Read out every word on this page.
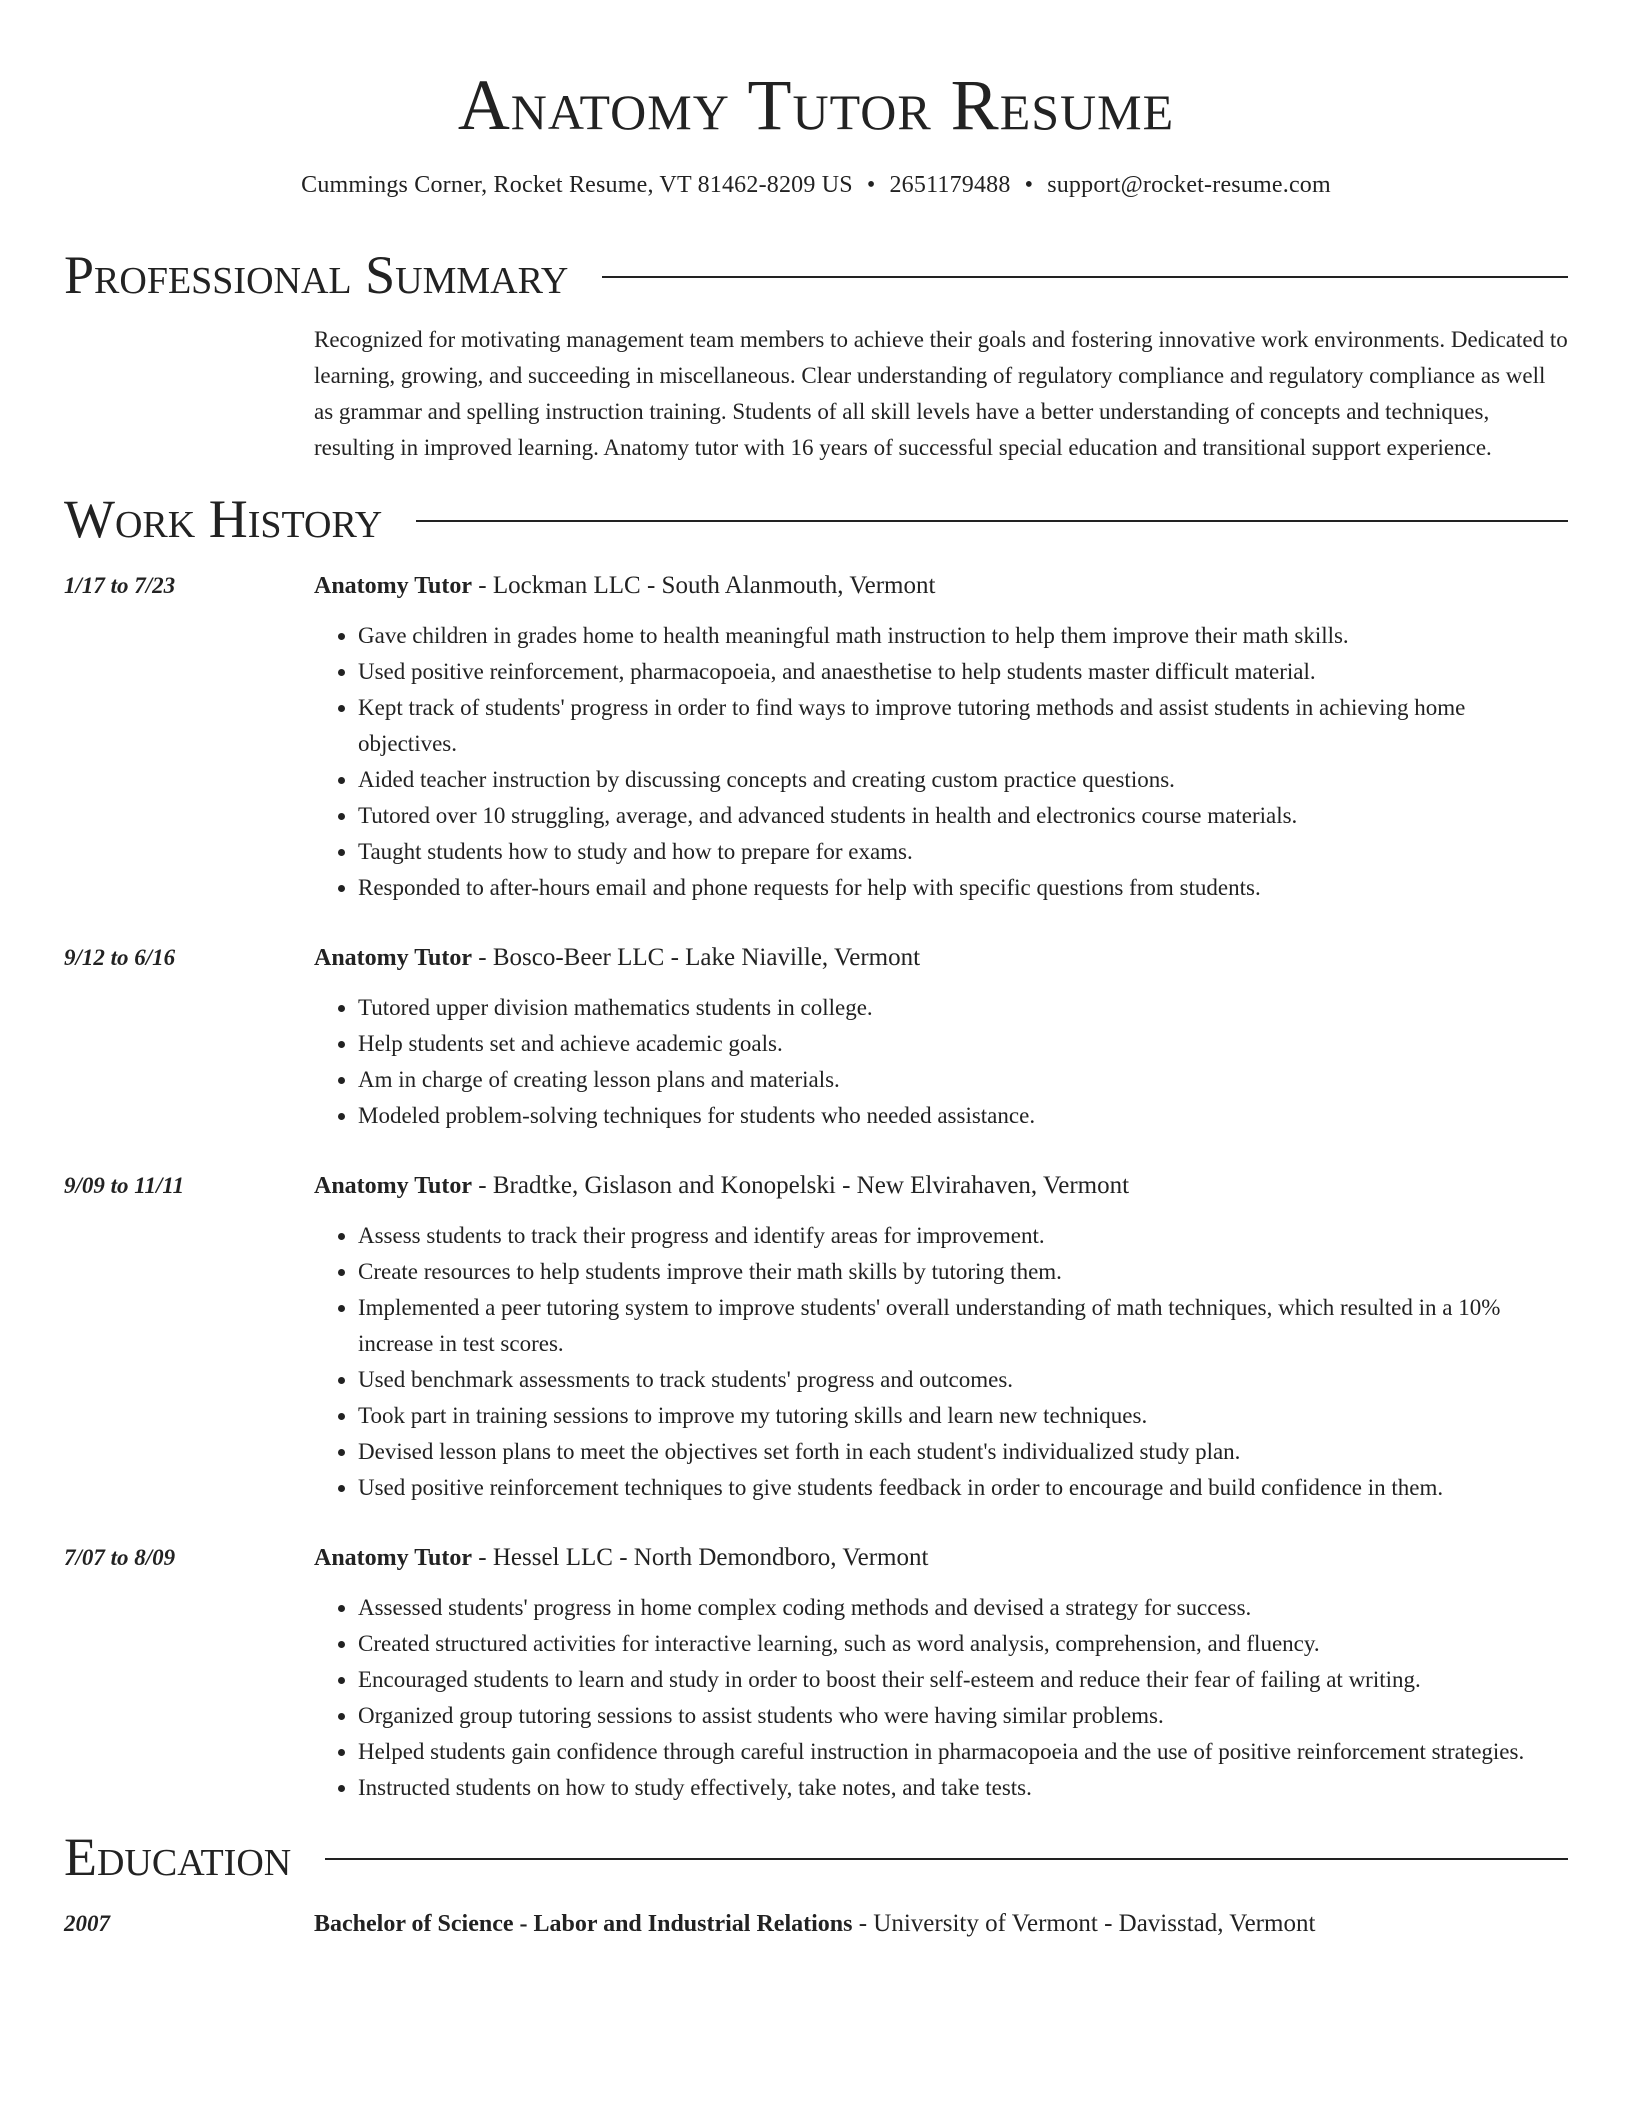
Anatomy Tutor Resume
Cummings Corner, Rocket Resume, VT 81462-8209 US • 2651179488 • support@rocket-resume.com
Professional Summary
Recognized for motivating management team members to achieve their goals and fostering innovative work environments. Dedicated to learning, growing, and succeeding in miscellaneous. Clear understanding of regulatory compliance and regulatory compliance as well as grammar and spelling instruction training. Students of all skill levels have a better understanding of concepts and techniques, resulting in improved learning. Anatomy tutor with 16 years of successful special education and transitional support experience.
Work History
1/17 to 7/23	Anatomy Tutor - Lockman LLC - South Alanmouth, Vermont
• Gave children in grades home to health meaningful math instruction to help them improve their math skills.
• Used positive reinforcement, pharmacopoeia, and anaesthetise to help students master difficult material.
• Kept track of students' progress in order to find ways to improve tutoring methods and assist students in achieving home objectives.
• Aided teacher instruction by discussing concepts and creating custom practice questions.
• Tutored over 10 struggling, average, and advanced students in health and electronics course materials.
• Taught students how to study and how to prepare for exams.
• Responded to after-hours email and phone requests for help with specific questions from students.
9/12 to 6/16	Anatomy Tutor - Bosco-Beer LLC - Lake Niaville, Vermont
• Tutored upper division mathematics students in college.
• Help students set and achieve academic goals.
• Am in charge of creating lesson plans and materials.
• Modeled problem-solving techniques for students who needed assistance.
9/09 to 11/11	Anatomy Tutor - Bradtke, Gislason and Konopelski - New Elvirahaven, Vermont
• Assess students to track their progress and identify areas for improvement.
• Create resources to help students improve their math skills by tutoring them.
• Implemented a peer tutoring system to improve students' overall understanding of math techniques, which resulted in a 10% increase in test scores.
• Used benchmark assessments to track students' progress and outcomes.
• Took part in training sessions to improve my tutoring skills and learn new techniques.
• Devised lesson plans to meet the objectives set forth in each student's individualized study plan.
• Used positive reinforcement techniques to give students feedback in order to encourage and build confidence in them.
7/07 to 8/09	Anatomy Tutor - Hessel LLC - North Demondboro, Vermont
• Assessed students' progress in home complex coding methods and devised a strategy for success.
• Created structured activities for interactive learning, such as word analysis, comprehension, and fluency.
• Encouraged students to learn and study in order to boost their self-esteem and reduce their fear of failing at writing.
• Organized group tutoring sessions to assist students who were having similar problems.
• Helped students gain confidence through careful instruction in pharmacopoeia and the use of positive reinforcement strategies.
• Instructed students on how to study effectively, take notes, and take tests.
Education
2007	Bachelor of Science - Labor and Industrial Relations - University of Vermont - Davisstad, Vermont
